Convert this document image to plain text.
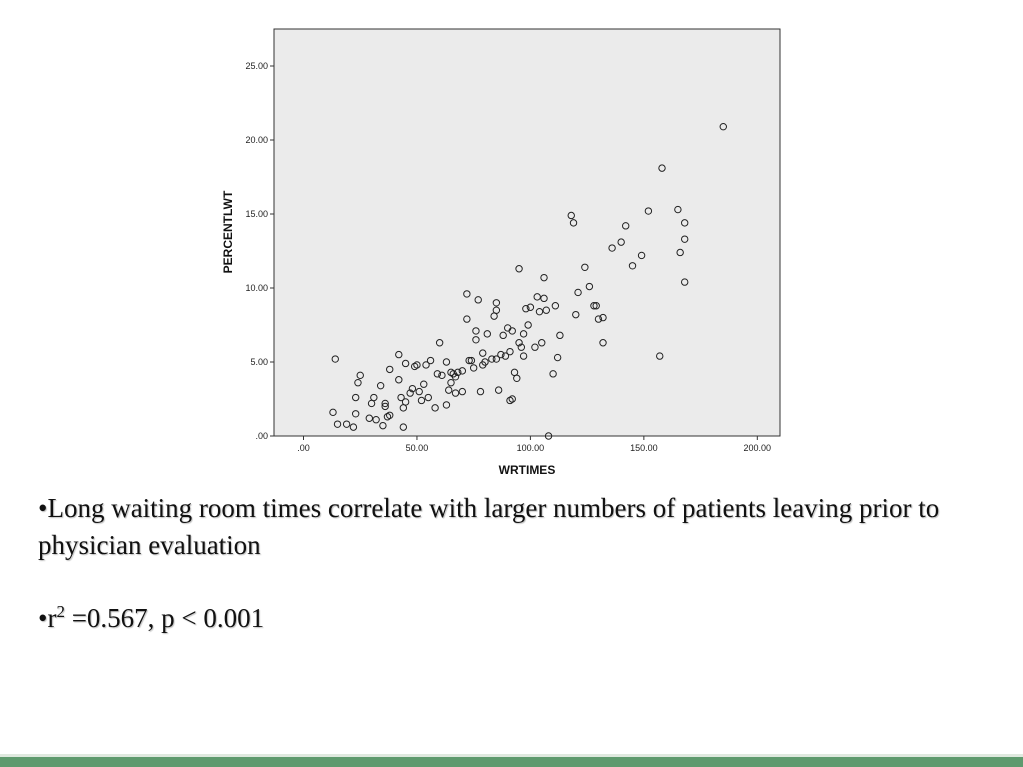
.00
5.00
10.00
15.00
20.00
25.00
.00	50.00	100.00	150.00	200.00
WRTIMES
PERCENTLWT
•Long waiting room times correlate with larger numbers of patients leaving prior to physician evaluation
$•r^2 =0.567$, p < 0.001
